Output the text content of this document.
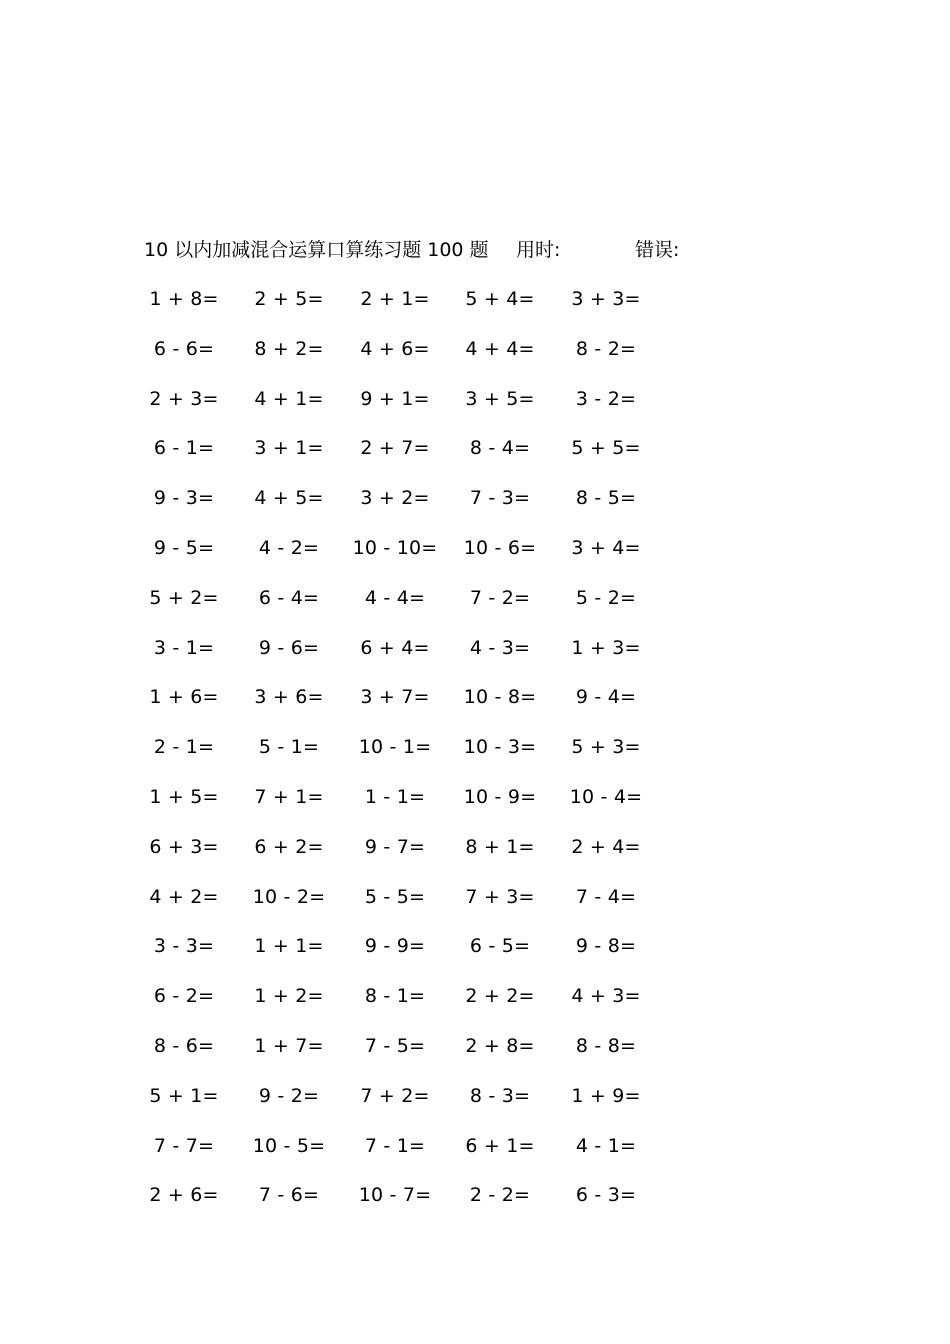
10 以内加减混合运算口算练习题 100 题 用时:	错误:
1 + 8= 2 + 5= 2 + 1= 5 + 4= 3 + 3=
6 - 6= 8 + 2= 4 + 6= 4 + 4= 8 - 2=
2 + 3= 4 + 1= 9 + 1= 3 + 5= 3 - 2=
6 - 1= 3 + 1= 2 + 7= 8 - 4= 5 + 5=
9 - 3= 4 + 5= 3 + 2= 7 - 3= 8 - 5=
9 - 5= 4 - 2= 10 - 10= 10 - 6= 3 + 4=
5 + 2= 6 - 4= 4 - 4= 7 - 2= 5 - 2=
3 - 1= 9 - 6= 6 + 4= 4 - 3= 1 + 3=
1 + 6= 3 + 6= 3 + 7= 10 - 8= 9 - 4=
2 - 1= 5 - 1= 10 - 1= 10 - 3= 5 + 3=
1 + 5= 7 + 1= 1 - 1= 10 - 9= 10 - 4=
6 + 3= 6 + 2= 9 - 7= 8 + 1= 2 + 4=
4 + 2= 10 - 2= 5 - 5= 7 + 3= 7 - 4=
3 - 3= 1 + 1= 9 - 9= 6 - 5= 9 - 8=
6 - 2= 1 + 2= 8 - 1= 2 + 2= 4 + 3=
8 - 6= 1 + 7= 7 - 5= 2 + 8= 8 - 8=
5 + 1= 9 - 2= 7 + 2= 8 - 3= 1 + 9=
7 - 7= 10 - 5= 7 - 1= 6 + 1= 4 - 1=
2 + 6= 7 - 6= 10 - 7= 2 - 2= 6 - 3=
